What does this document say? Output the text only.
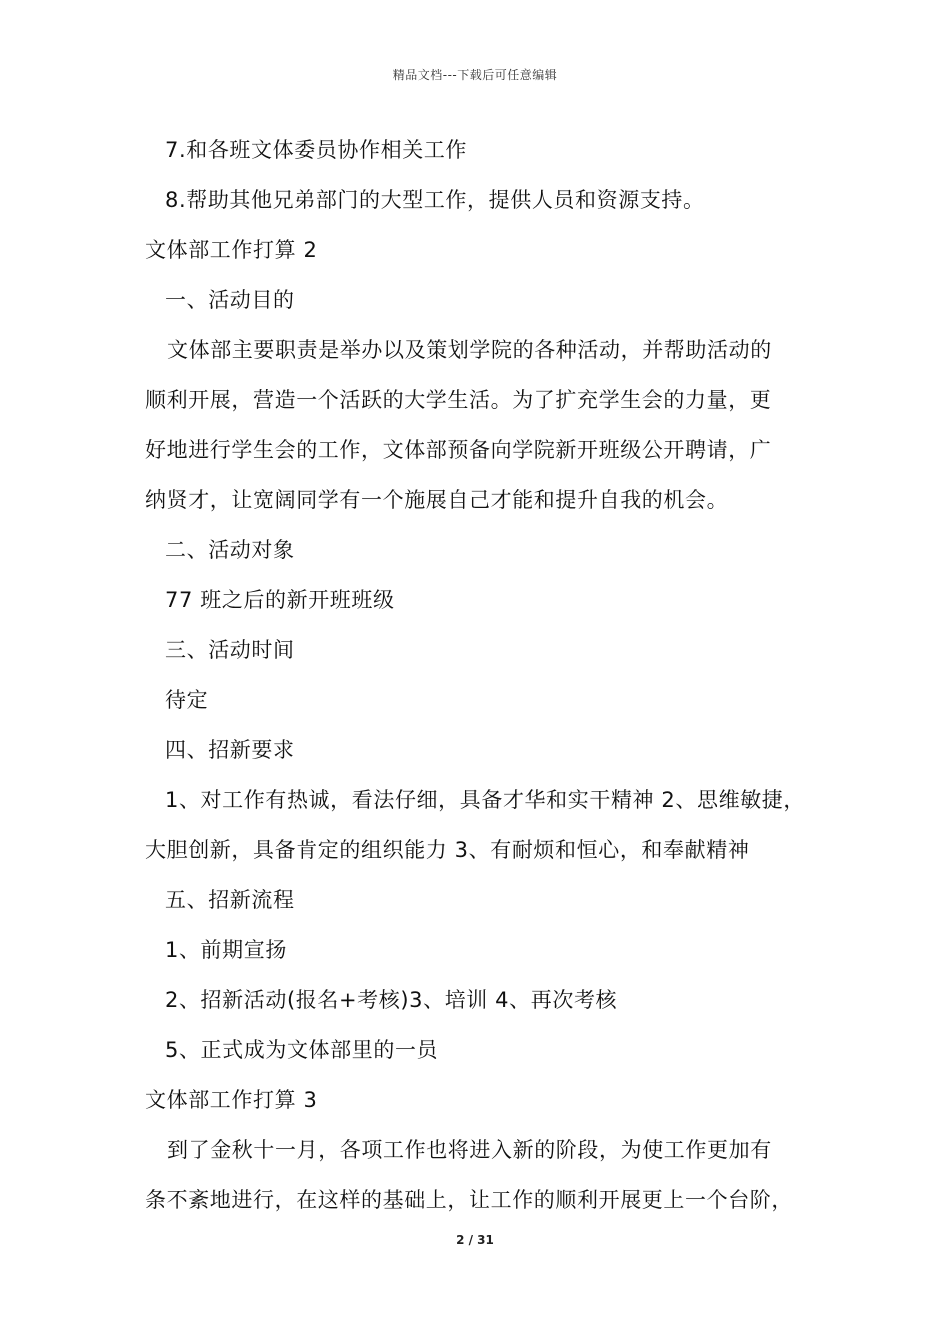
精品文档---下载后可任意编辑
7.和各班文体委员协作相关工作
8.帮助其他兄弟部门的大型工作，提供人员和资源支持。
文体部工作打算 2
一、活动目的
文体部主要职责是举办以及策划学院的各种活动，并帮助活动的
顺利开展，营造一个活跃的大学生活。为了扩充学生会的力量，更
好地进行学生会的工作，文体部预备向学院新开班级公开聘请，广
纳贤才，让宽阔同学有一个施展自己才能和提升自我的机会。
二、活动对象
77 班之后的新开班班级
三、活动时间
待定
四、招新要求
1、对工作有热诚，看法仔细，具备才华和实干精神 2、思维敏捷，
大胆创新，具备肯定的组织能力 3、有耐烦和恒心，和奉献精神
五、招新流程
1、前期宣扬
2、招新活动(报名+考核)3、培训 4、再次考核
5、正式成为文体部里的一员
文体部工作打算 3
到了金秋十一月，各项工作也将进入新的阶段，为使工作更加有
条不紊地进行，在这样的基础上，让工作的顺利开展更上一个台阶，
2 / 31
